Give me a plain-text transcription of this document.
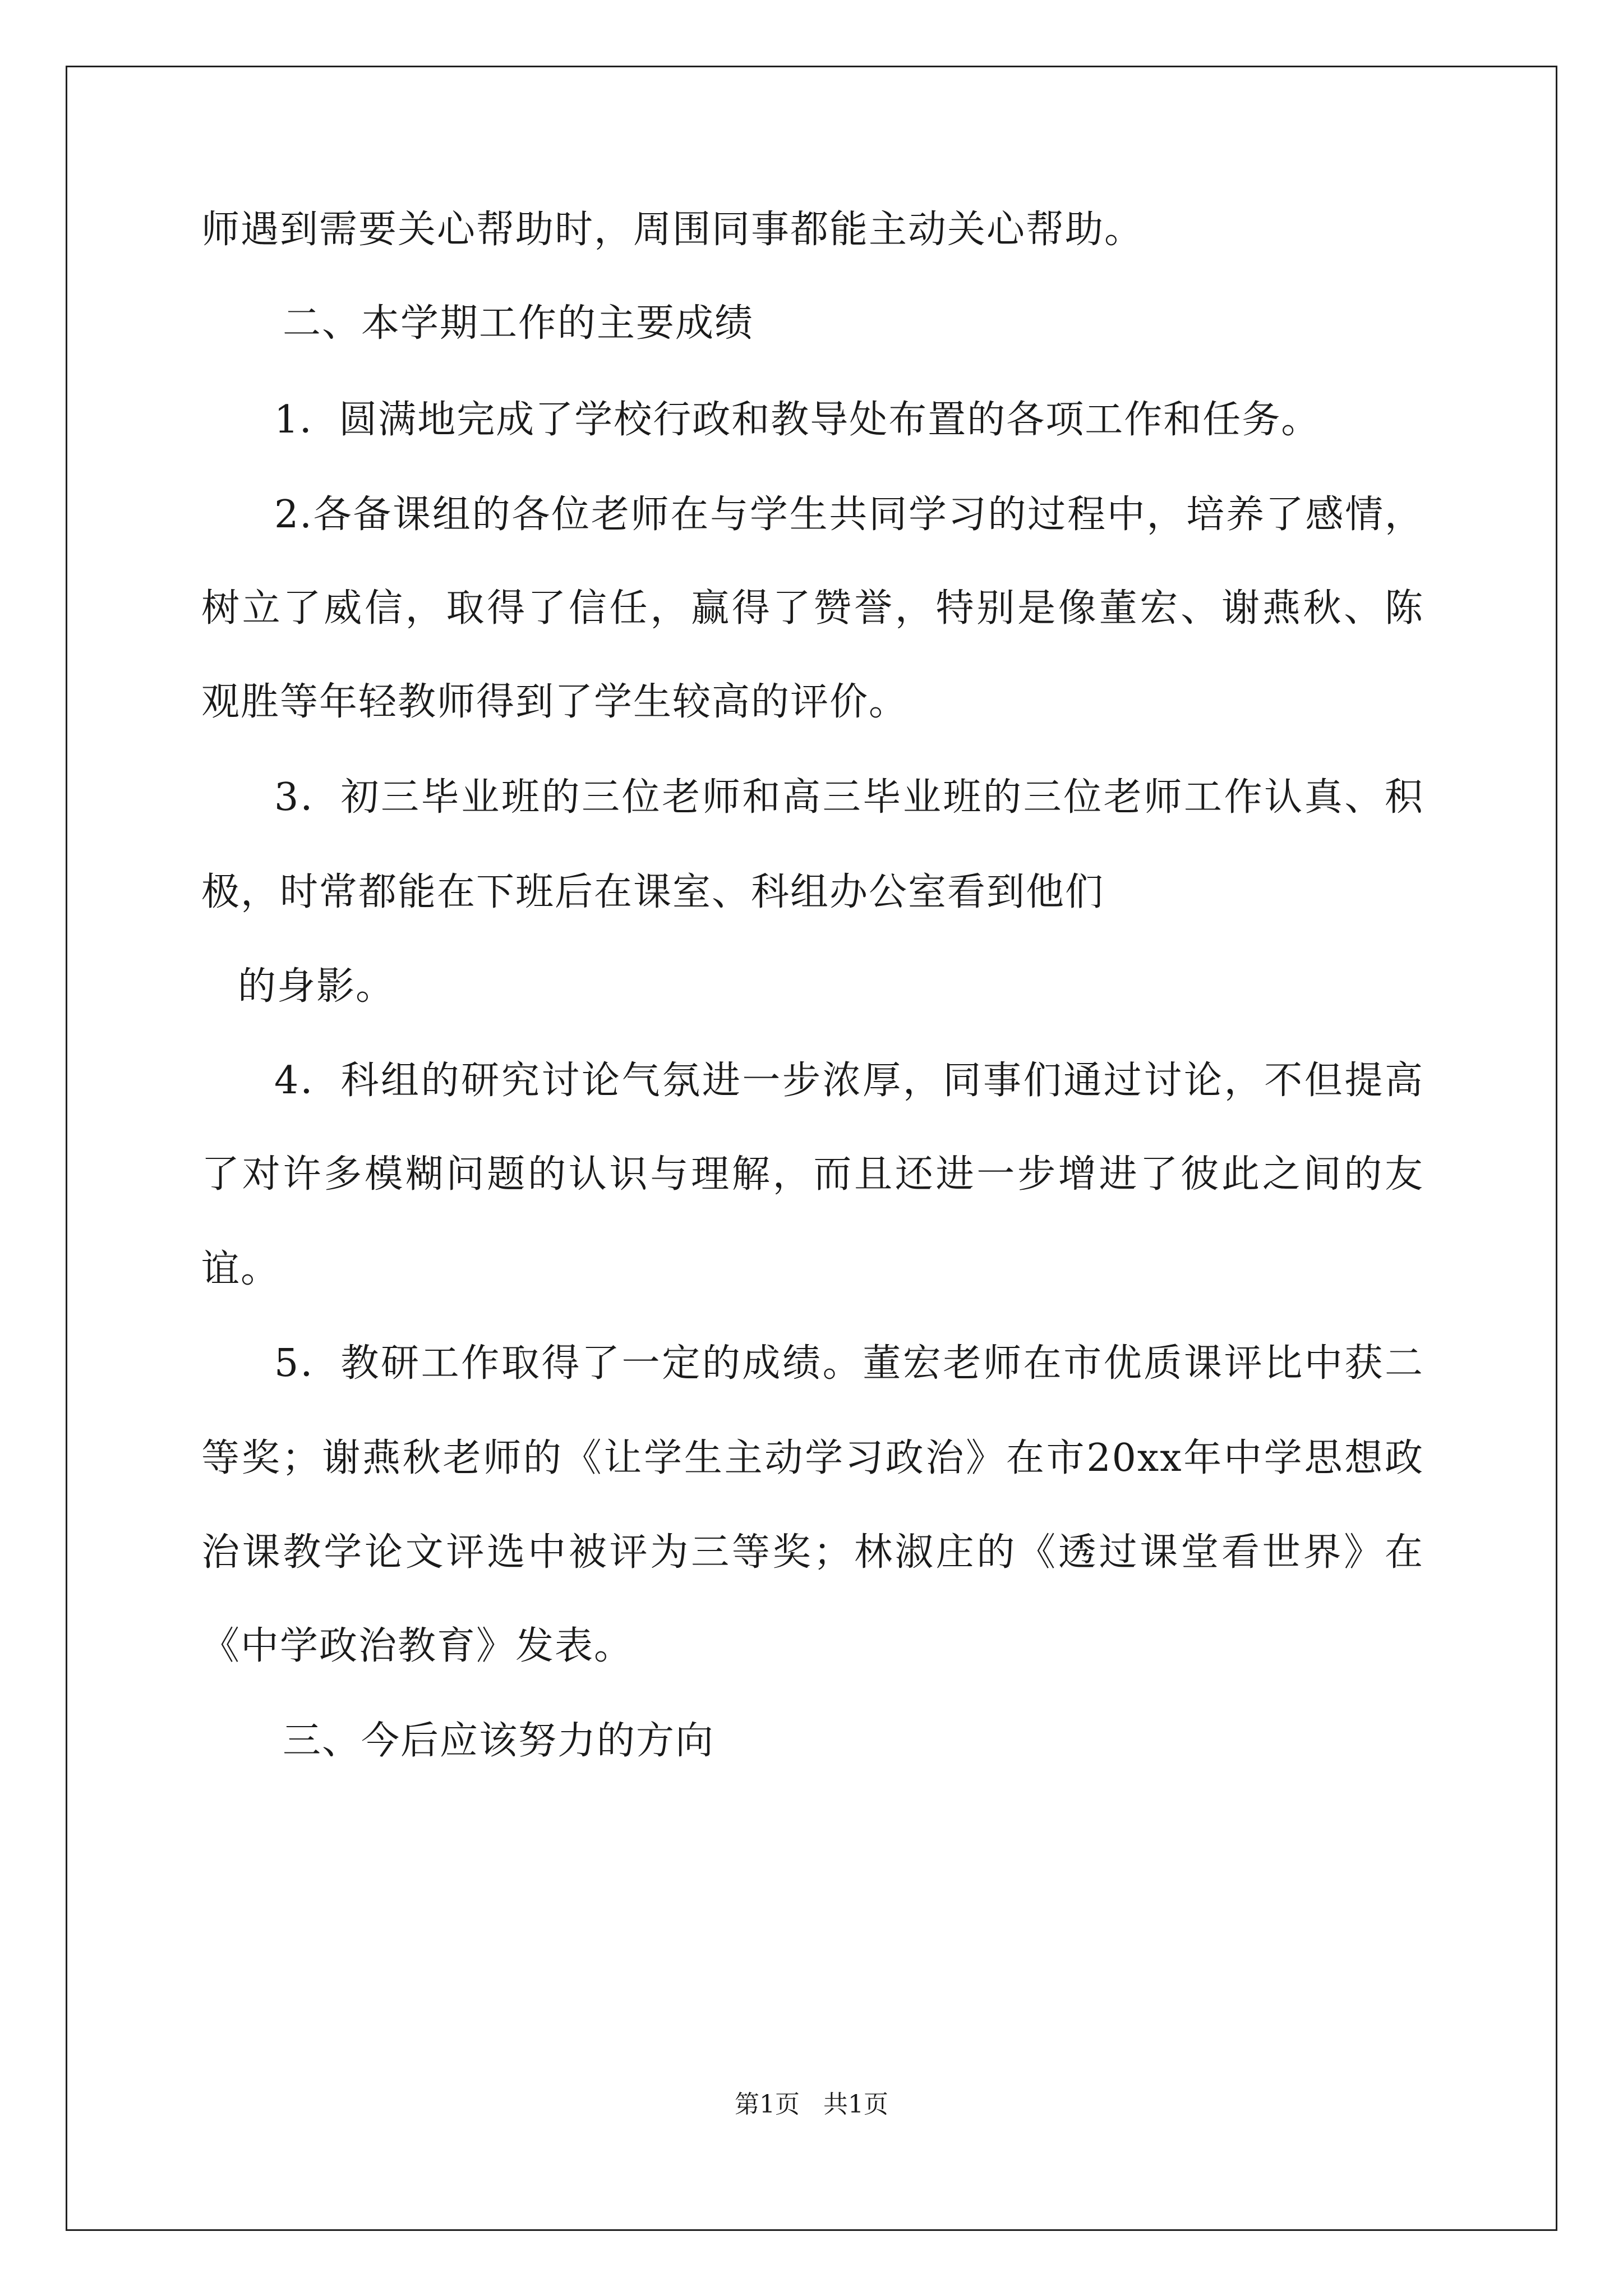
师遇到需要关心帮助时，周围同事都能主动关心帮助。
二、本学期工作的主要成绩
1．圆满地完成了学校行政和教导处布置的各项工作和任务。
2.各备课组的各位老师在与学生共同学习的过程中，培养了感情，
树立了威信，取得了信任，赢得了赞誉，特别是像董宏、谢燕秋、陈
观胜等年轻教师得到了学生较高的评价。
3．初三毕业班的三位老师和高三毕业班的三位老师工作认真、积
极，时常都能在下班后在课室、科组办公室看到他们
的身影。
4．科组的研究讨论气氛进一步浓厚，同事们通过讨论，不但提高
了对许多模糊问题的认识与理解，而且还进一步增进了彼此之间的友
谊。
5．教研工作取得了一定的成绩。董宏老师在市优质课评比中获二
等奖；谢燕秋老师的《让学生主动学习政治》在市20xx年中学思想政
治课教学论文评选中被评为三等奖；林淑庄的《透过课堂看世界》在
《中学政治教育》发表。
三、今后应该努力的方向
第1页   共1页
